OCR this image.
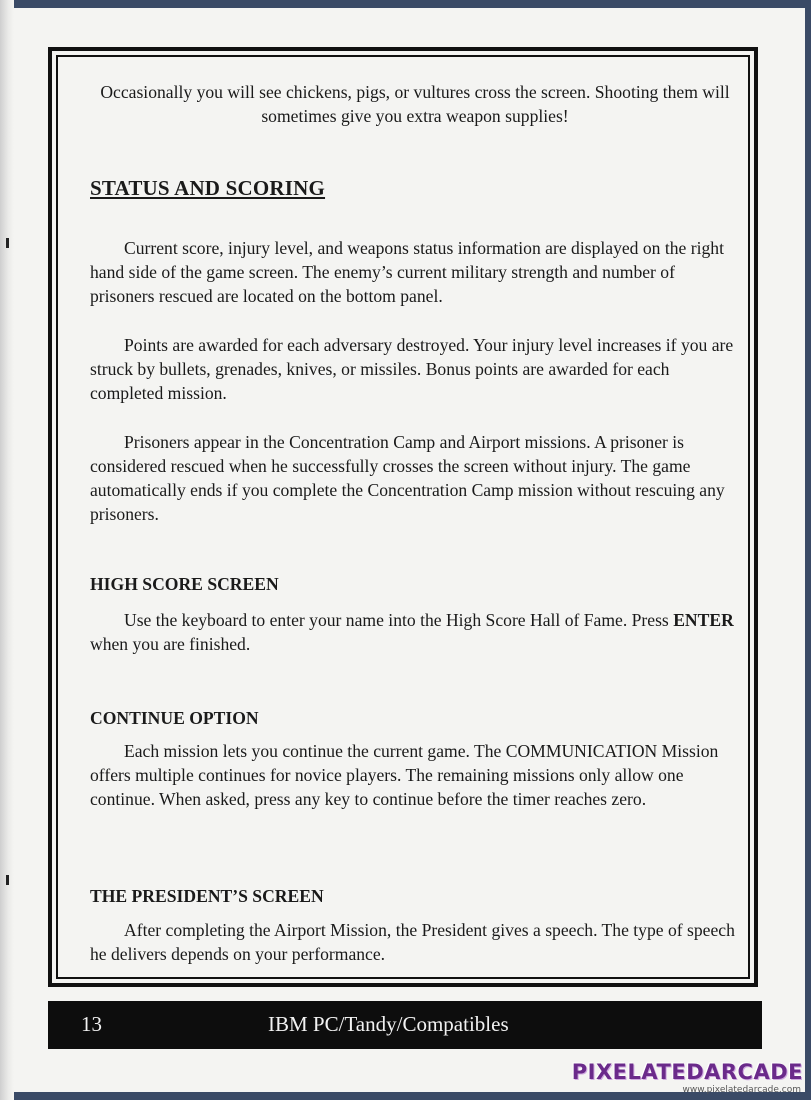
Occasionally you will see chickens, pigs, or vultures cross the screen. Shooting them will sometimes give you extra weapon supplies!

STATUS AND SCORING

Current score, injury level, and weapons status information are displayed on the right hand side of the game screen. The enemy’s current military strength and number of prisoners rescued are located on the bottom panel.

Points are awarded for each adversary destroyed. Your injury level increases if you are struck by bullets, grenades, knives, or missiles. Bonus points are awarded for each completed mission.

Prisoners appear in the Concentration Camp and Airport missions. A prisoner is considered rescued when he successfully crosses the screen without injury. The game automatically ends if you complete the Concentration Camp mission without rescuing any prisoners.

HIGH SCORE SCREEN

Use the keyboard to enter your name into the High Score Hall of Fame. Press ENTER when you are finished.

CONTINUE OPTION

Each mission lets you continue the current game. The COMMUNICATION Mission offers multiple continues for novice players. The remaining missions only allow one continue. When asked, press any key to continue before the timer reaches zero.

THE PRESIDENT’S SCREEN

After completing the Airport Mission, the President gives a speech. The type of speech he delivers depends on your performance.

13	IBM PC/Tandy/Compatibles
PIXELATEDARCADE
www.pixelatedarcade.com
